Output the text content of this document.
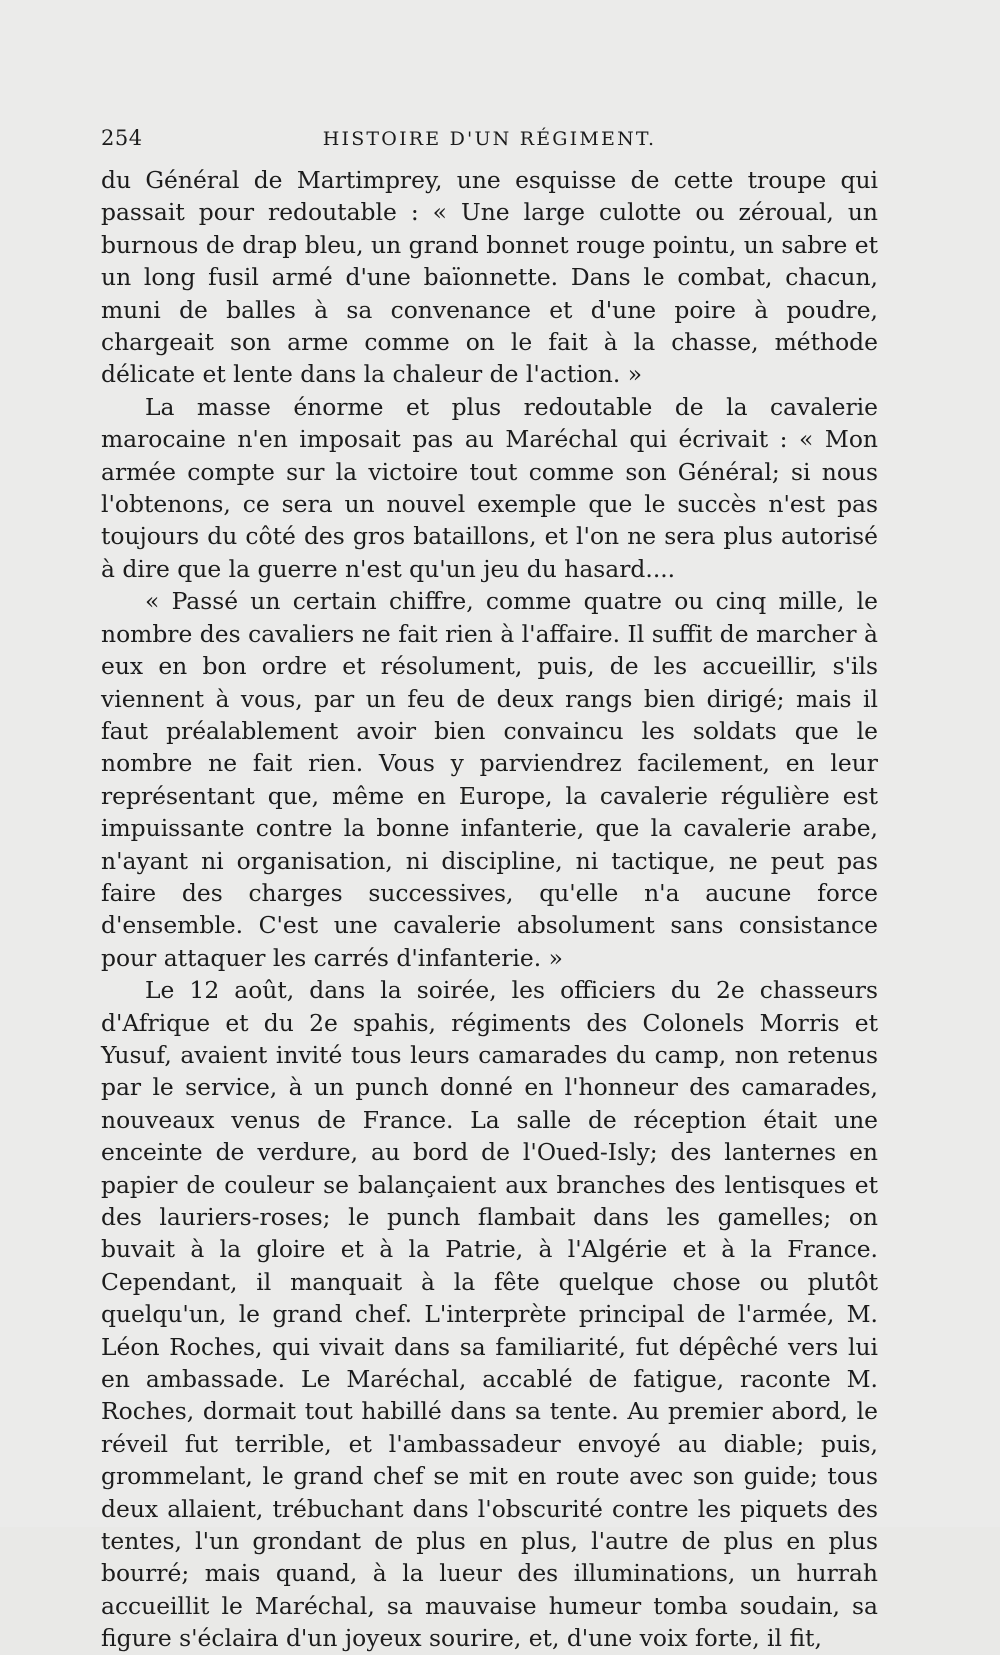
254	HISTOIRE D'UN RÉGIMENT.

du Général de Martimprey, une esquisse de cette troupe qui passait pour redoutable : « Une large culotte ou zéroual, un burnous de drap bleu, un grand bonnet rouge pointu, un sabre et un long fusil armé d'une baïonnette. Dans le combat, chacun, muni de balles à sa convenance et d'une poire à poudre, chargeait son arme comme on le fait à la chasse, méthode délicate et lente dans la chaleur de l'action. »

La masse énorme et plus redoutable de la cavalerie marocaine n'en imposait pas au Maréchal qui écrivait : « Mon armée compte sur la victoire tout comme son Général; si nous l'obtenons, ce sera un nouvel exemple que le succès n'est pas toujours du côté des gros bataillons, et l'on ne sera plus autorisé à dire que la guerre n'est qu'un jeu du hasard....

« Passé un certain chiffre, comme quatre ou cinq mille, le nombre des cavaliers ne fait rien à l'affaire. Il suffit de marcher à eux en bon ordre et résolument, puis, de les accueillir, s'ils viennent à vous, par un feu de deux rangs bien dirigé; mais il faut préalablement avoir bien convaincu les soldats que le nombre ne fait rien. Vous y parviendrez facilement, en leur représentant que, même en Europe, la cavalerie régulière est impuissante contre la bonne infanterie, que la cavalerie arabe, n'ayant ni organisation, ni discipline, ni tactique, ne peut pas faire des charges successives, qu'elle n'a aucune force d'ensemble. C'est une cavalerie absolument sans consistance pour attaquer les carrés d'infanterie. »

Le 12 août, dans la soirée, les officiers du 2e chasseurs d'Afrique et du 2e spahis, régiments des Colonels Morris et Yusuf, avaient invité tous leurs camarades du camp, non retenus par le service, à un punch donné en l'honneur des camarades, nouveaux venus de France. La salle de réception était une enceinte de verdure, au bord de l'Oued-Isly; des lanternes en papier de couleur se balançaient aux branches des lentisques et des lauriers-roses; le punch flambait dans les gamelles; on buvait à la gloire et à la Patrie, à l'Algérie et à la France. Cependant, il manquait à la fête quelque chose ou plutôt quelqu'un, le grand chef. L'interprète principal de l'armée, M. Léon Roches, qui vivait dans sa familiarité, fut dépêché vers lui en ambassade. Le Maréchal, accablé de fatigue, raconte M. Roches, dormait tout habillé dans sa tente. Au premier abord, le réveil fut terrible, et l'ambassadeur envoyé au diable; puis, grommelant, le grand chef se mit en route avec son guide; tous deux allaient, trébuchant dans l'obscurité contre les piquets des tentes, l'un grondant de plus en plus, l'autre de plus en plus bourré; mais quand, à la lueur des illuminations, un hurrah accueillit le Maréchal, sa mauvaise humeur tomba soudain, sa figure s'éclaira d'un joyeux sourire, et, d'une voix forte, il fit,
